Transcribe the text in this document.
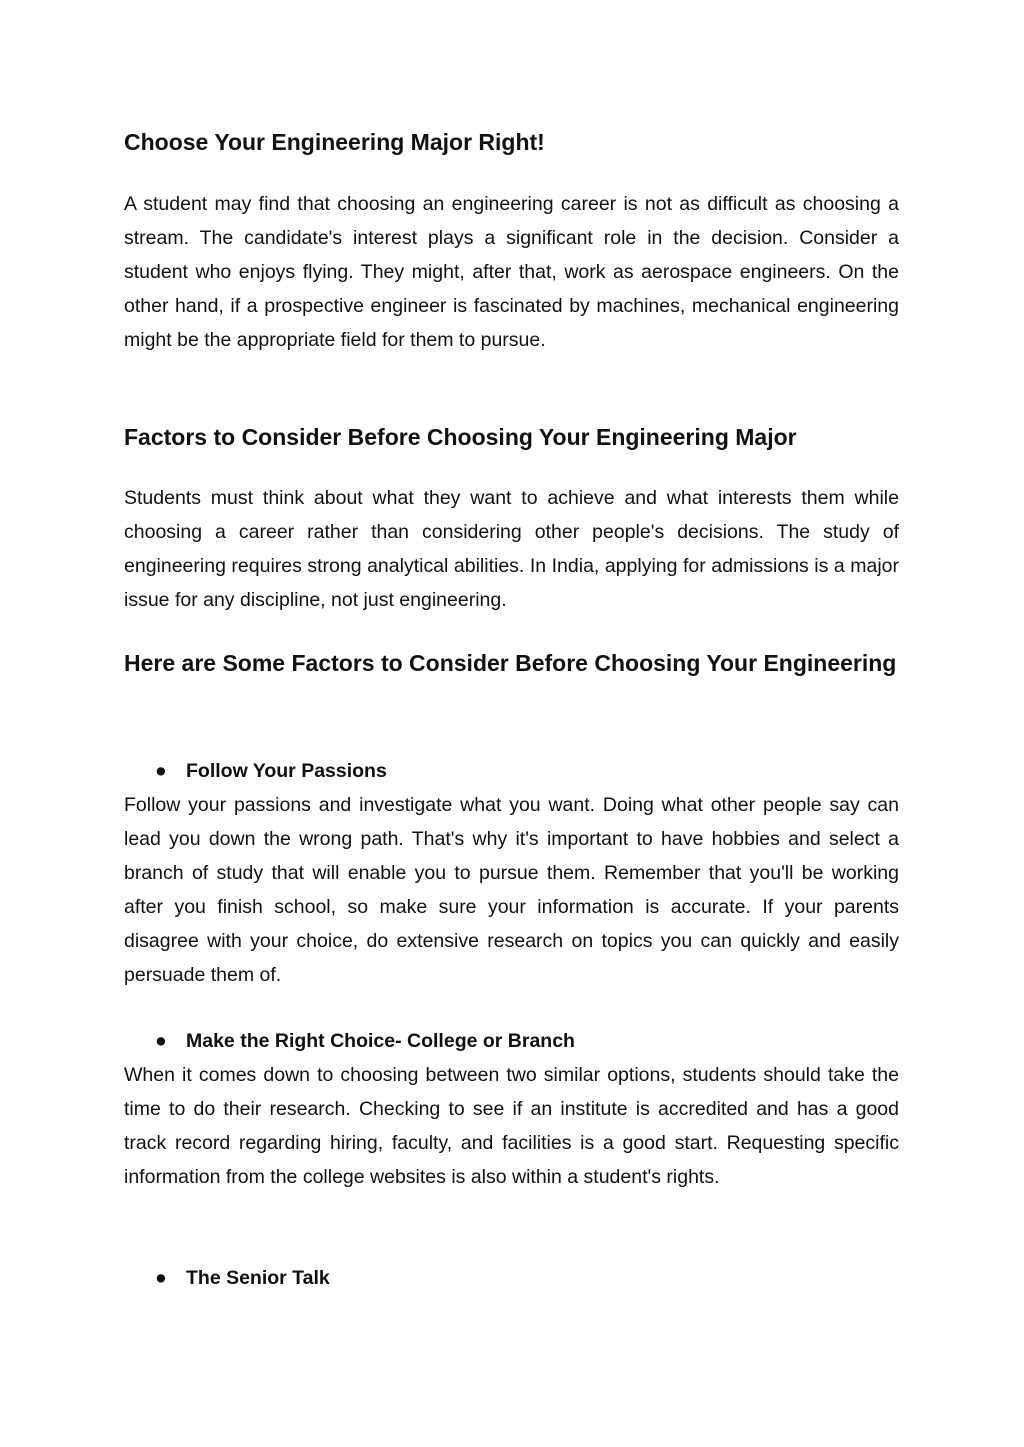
Choose Your Engineering Major Right!

A student may find that choosing an engineering career is not as difficult as choosing a stream. The candidate's interest plays a significant role in the decision. Consider a student who enjoys flying. They might, after that, work as aerospace engineers. On the other hand, if a prospective engineer is fascinated by machines, mechanical engineering might be the appropriate field for them to pursue.

Factors to Consider Before Choosing Your Engineering Major

Students must think about what they want to achieve and what interests them while choosing a career rather than considering other people's decisions. The study of engineering requires strong analytical abilities. In India, applying for admissions is a major issue for any discipline, not just engineering.

Here are Some Factors to Consider Before Choosing Your Engineering
● Follow Your Passions

Follow your passions and investigate what you want. Doing what other people say can lead you down the wrong path. That's why it's important to have hobbies and select a branch of study that will enable you to pursue them. Remember that you'll be working after you finish school, so make sure your information is accurate. If your parents disagree with your choice, do extensive research on topics you can quickly and easily persuade them of.

● Make the Right Choice- College or Branch

When it comes down to choosing between two similar options, students should take the time to do their research. Checking to see if an institute is accredited and has a good track record regarding hiring, faculty, and facilities is a good start. Requesting specific information from the college websites is also within a student's rights.

● The Senior Talk
